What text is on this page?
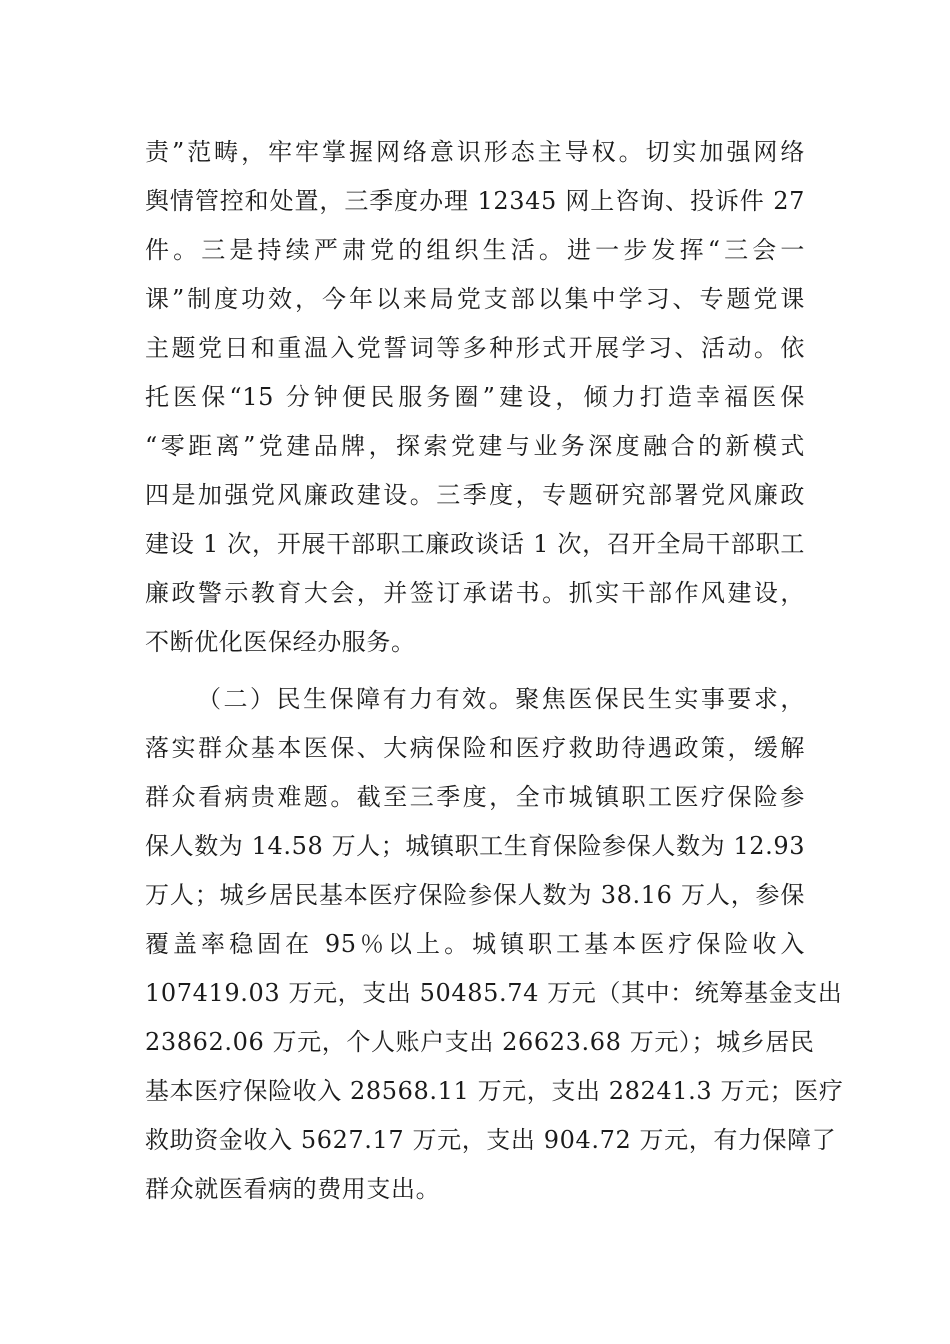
责”范畴，牢牢掌握网络意识形态主导权。切实加强网络
舆情管控和处置，三季度办理 12345 网上咨询、投诉件 27
件。三是持续严肃党的组织生活。进一步发挥“三会一
课”制度功效，今年以来局党支部以集中学习、专题党课
主题党日和重温入党誓词等多种形式开展学习、活动。依
托医保“15 分钟便民服务圈”建设，倾力打造幸福医保
“零距离”党建品牌，探索党建与业务深度融合的新模式
四是加强党风廉政建设。三季度，专题研究部署党风廉政
建设 1 次，开展干部职工廉政谈话 1 次，召开全局干部职工
廉政警示教育大会，并签订承诺书。抓实干部作风建设，
不断优化医保经办服务。
（二）民生保障有力有效。聚焦医保民生实事要求，
落实群众基本医保、大病保险和医疗救助待遇政策，缓解
群众看病贵难题。截至三季度，全市城镇职工医疗保险参
保人数为 14.58 万人；城镇职工生育保险参保人数为 12.93
万人；城乡居民基本医疗保险参保人数为 38.16 万人，参保
覆盖率稳固在 95％以上。城镇职工基本医疗保险收入
107419.03 万元，支出 50485.74 万元（其中：统筹基金支出
23862.06 万元，个人账户支出 26623.68 万元）；城乡居民
基本医疗保险收入 28568.11 万元，支出 28241.3 万元；医疗
救助资金收入 5627.17 万元，支出 904.72 万元，有力保障了
群众就医看病的费用支出。
